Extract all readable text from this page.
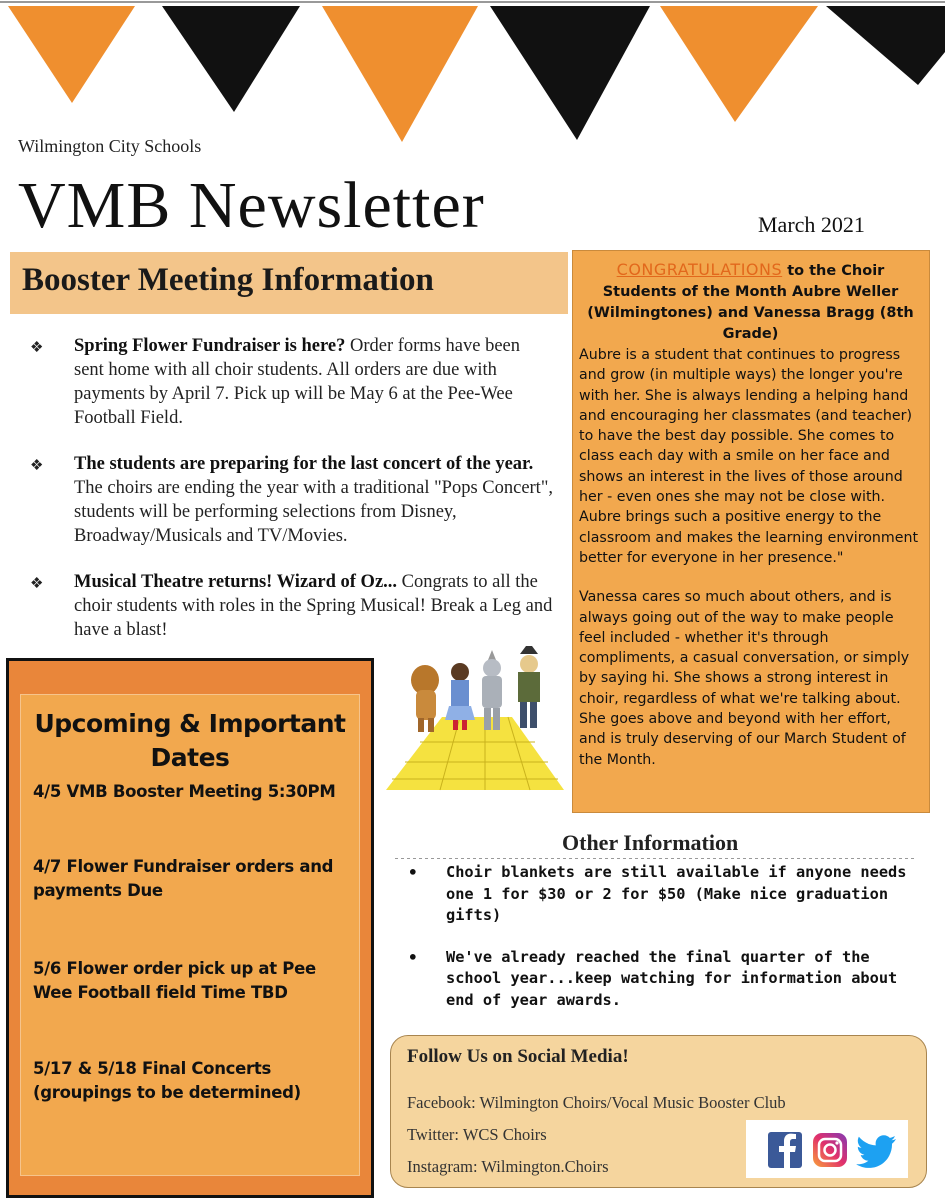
Wilmington City Schools
VMB Newsletter	March 2021
Booster Meeting Information
❖ Spring Flower Fundraiser is here? Order forms have been sent home with all choir students. All orders are due with payments by April 7. Pick up will be May 6 at the Pee-Wee Football Field.
❖ The students are preparing for the last concert of the year. The choirs are ending the year with a traditional "Pops Concert", students will be performing selections from Disney, Broadway/Musicals and TV/Movies.
❖ Musical Theatre returns! Wizard of Oz... Congrats to all the choir students with roles in the Spring Musical! Break a Leg and have a blast!
CONGRATULATIONS to the Choir Students of the Month Aubre Weller (Wilmingtones) and Vanessa Bragg (8th Grade)

Aubre is a student that continues to progress and grow (in multiple ways) the longer you're with her. She is always lending a helping hand and encouraging her classmates (and teacher) to have the best day possible. She comes to class each day with a smile on her face and shows an interest in the lives of those around her - even ones she may not be close with. Aubre brings such a positive energy to the classroom and makes the learning environment better for everyone in her presence."

Vanessa cares so much about others, and is always going out of the way to make people feel included - whether it's through compliments, a casual conversation, or simply by saying hi. She shows a strong interest in choir, regardless of what we're talking about. She goes above and beyond with her effort, and is truly deserving of our March Student of the Month.

Upcoming & Important Dates
4/5 VMB Booster Meeting 5:30PM
4/7 Flower Fundraiser orders and payments Due
5/6 Flower order pick up at Pee Wee Football field Time TBD
5/17 & 5/18 Final Concerts (groupings to be determined)
Other Information
• Choir blankets are still available if anyone needs one 1 for $30 or 2 for $50 (Make nice graduation gifts)
• We've already reached the final quarter of the school year...keep watching for information about end of year awards.
Follow Us on Social Media!
Facebook: Wilmington Choirs/Vocal Music Booster Club
Twitter: WCS Choirs
Instagram: Wilmington.Choirs
